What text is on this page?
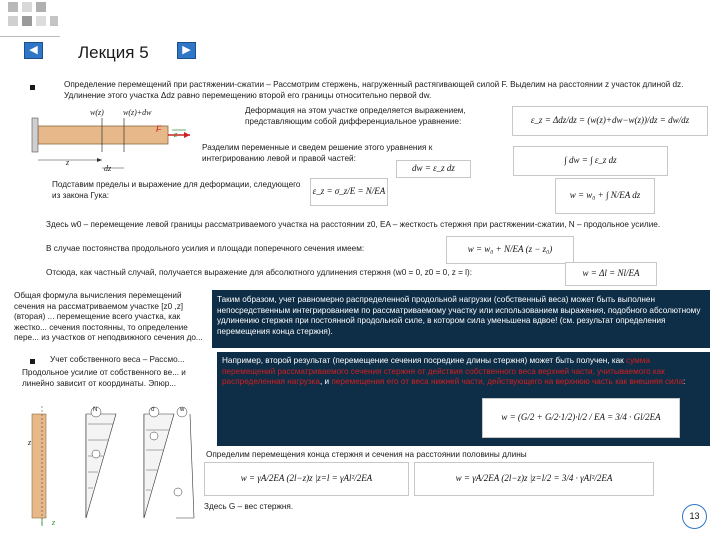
◀	Лекция 5	▶
Определение перемещений при растяжении-сжатии – Рассмотрим стержень, нагруженный растягивающей силой F. Выделим на расстоянии z участок длиной dz. Удлинение этого участка Δdz равно перемещению второй его границы относительно первой dw.
w(z) w(z)+dw
F
z
z
dz
Деформация на этом участке определяется выражением, представляющим собой дифференциальное уравнение:	ε_z = Δdz/dz = (w(z)+dw−w(z))/dz = dw/dz
Разделим переменные и сведем решение этого уравнения к интегрированию левой и правой частей:
dw = ε_z dz
∫ dw = ∫ ε_z dz
Подставим пределы и выражение для деформации, следующего из закона Гука:	ε_z = σ_z/E = N/EA	w = w₀ + ∫ N/EA dz
Здесь w0 – перемещение левой границы рассматриваемого участка на расстоянии z0, EA – жесткость стержня при растяжении-сжатии, N – продольное усилие.
В случае постоянства продольного усилия и площади поперечного сечения имеем:	w = w₀ + N/EA (z − z₀)
Отсюда, как частный случай, получается выражение для абсолютного удлинения стержня (w0 = 0, z0 = 0, z = l):	w = Δl = Nl/EA
Общая формула вычисления перемещений сечения на рассматриваемом участке [z0 ,z] (вторая) ... перемещение всего участка, как жестко... сечения постоянны, то определение пере... из участков от неподвижного сечения до...
Учет собственного веса – Рассмо...
Продольное усилие от собственного ве... и линейно зависит от координаты. Эпюр...

Таким образом, учет равномерно распределенной продольной нагрузки (собственный веса) может быть выполнен непосредственным интегрированием по рассматриваемому участку или использованием выражения, подобного абсолютному удлинению стержня при постоянной продольной силе, в котором сила уменьшена вдвое! (см. результат определения перемещения конца стержня).

Например, второй результат (перемещение сечения посредине длины стержня) может быть получен, как сумма перемещений рассматриваемого сечения стержня от действия собственного веса верхней части, учитываемого как распределенная нагрузка, и перемещения его от веса нижней части, действующего на верхнюю часть как внешняя сила:

w = (G/2 + G/2·1/2)·l/2 / EA = 3/4 · Gl/2EA
N	σ	w
z
z
Определим перемещения конца стержня и сечения на расстоянии половины длины
w = γA/2EA (2l−z)z |z=l = γAl²/2EA	w = γA/2EA (2l−z)z |z=l/2 = 3/4 · γAl²/2EA
Здесь G – вес стержня.
13
